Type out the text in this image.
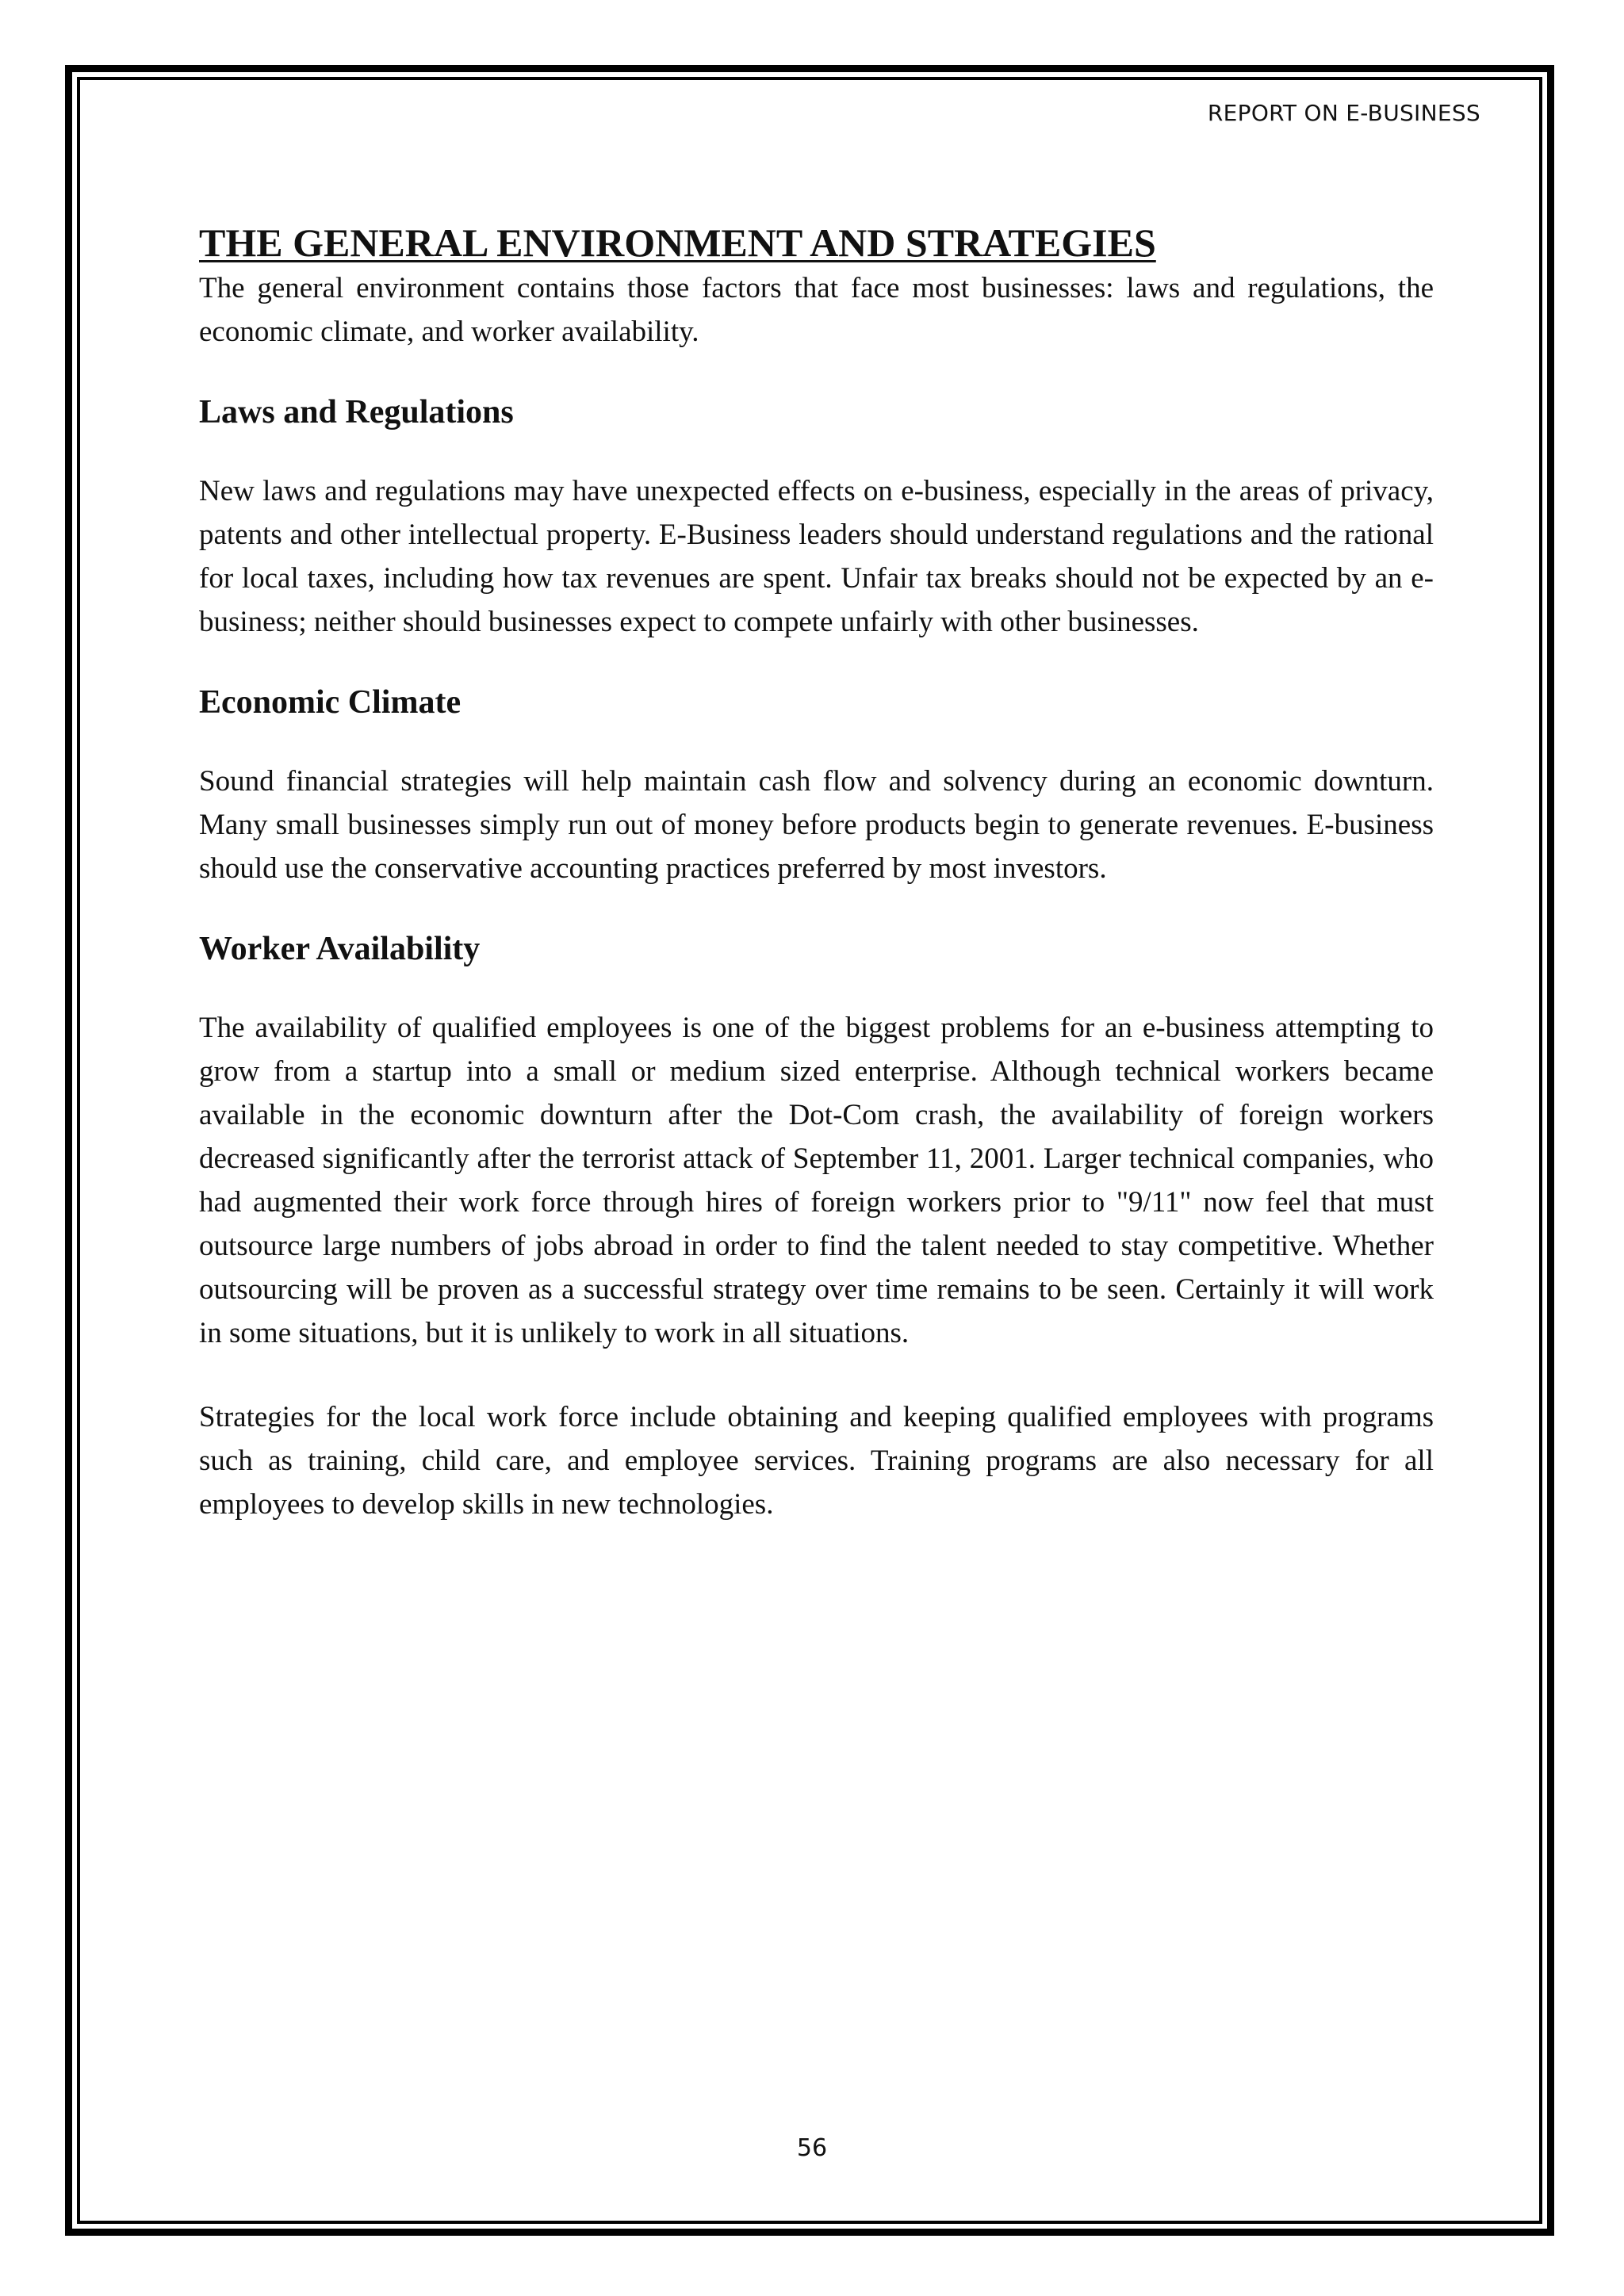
REPORT ON E-BUSINESS

THE GENERAL ENVIRONMENT AND STRATEGIES

The general environment contains those factors that face most businesses: laws and regulations, the economic climate, and worker availability.

Laws and Regulations

New laws and regulations may have unexpected effects on e-business, especially in the areas of privacy, patents and other intellectual property. E-Business leaders should understand regulations and the rational for local taxes, including how tax revenues are spent. Unfair tax breaks should not be expected by an e-business; neither should businesses expect to compete unfairly with other businesses.

Economic Climate

Sound financial strategies will help maintain cash flow and solvency during an economic downturn. Many small businesses simply run out of money before products begin to generate revenues. E-business should use the conservative accounting practices preferred by most investors.

Worker Availability

The availability of qualified employees is one of the biggest problems for an e-business attempting to grow from a startup into a small or medium sized enterprise. Although technical workers became available in the economic downturn after the Dot-Com crash, the availability of foreign workers decreased significantly after the terrorist attack of September 11, 2001. Larger technical companies, who had augmented their work force through hires of foreign workers prior to "9/11" now feel that must outsource large numbers of jobs abroad in order to find the talent needed to stay competitive. Whether outsourcing will be proven as a successful strategy over time remains to be seen. Certainly it will work in some situations, but it is unlikely to work in all situations.

Strategies for the local work force include obtaining and keeping qualified employees with programs such as training, child care, and employee services. Training programs are also necessary for all employees to develop skills in new technologies.

56
